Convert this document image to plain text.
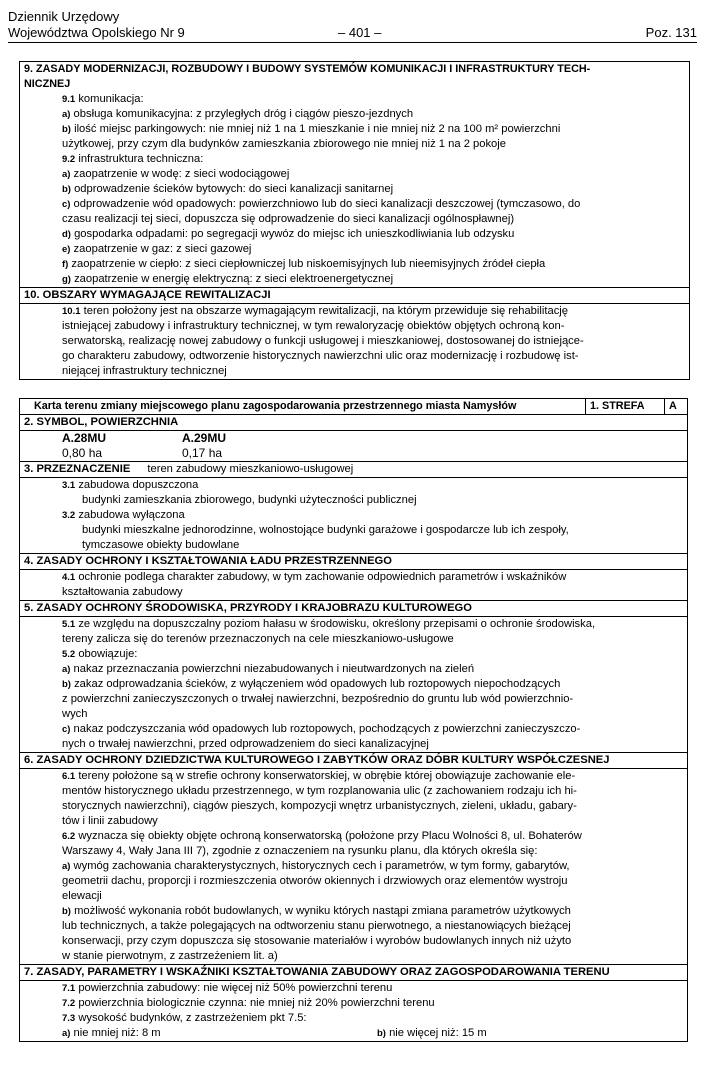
Dziennik Urzędowy
Województwa Opolskiego Nr 9	– 401 –	Poz. 131
9. ZASADY MODERNIZACJI, ROZBUDOWY I BUDOWY SYSTEMÓW KOMUNIKACJI I INFRASTRUKTURY TECH-
NICZNEJ
9.1 komunikacja:
a) obsługa komunikacyjna: z przyległych dróg i ciągów pieszo-jezdnych
b) ilość miejsc parkingowych: nie mniej niż 1 na 1 mieszkanie i nie mniej niż 2 na 100 m² powierzchni
użytkowej, przy czym dla budynków zamieszkania zbiorowego nie mniej niż 1 na 2 pokoje
9.2 infrastruktura techniczna:
a) zaopatrzenie w wodę: z sieci wodociągowej
b) odprowadzenie ścieków bytowych: do sieci kanalizacji sanitarnej
c) odprowadzenie wód opadowych: powierzchniowo lub do sieci kanalizacji deszczowej (tymczasowo, do
czasu realizacji tej sieci, dopuszcza się odprowadzenie do sieci kanalizacji ogólnospławnej)
d) gospodarka odpadami: po segregacji wywóz do miejsc ich unieszkodliwiania lub odzysku
e) zaopatrzenie w gaz: z sieci gazowej
f) zaopatrzenie w ciepło: z sieci ciepłowniczej lub niskoemisyjnych lub nieemisyjnych źródeł ciepła
g) zaopatrzenie w energię elektryczną: z sieci elektroenergetycznej
10. OBSZARY WYMAGAJĄCE REWITALIZACJI
10.1 teren położony jest na obszarze wymagającym rewitalizacji, na którym przewiduje się rehabilitację
istniejącej zabudowy i infrastruktury technicznej, w tym rewaloryzację obiektów objętych ochroną kon-
serwatorską, realizację nowej zabudowy o funkcji usługowej i mieszkaniowej, dostosowanej do istniejące-
go charakteru zabudowy, odtworzenie historycznych nawierzchni ulic oraz modernizację i rozbudowę ist-
niejącej infrastruktury technicznej
Karta terenu zmiany miejscowego planu zagospodarowania przestrzennego miasta Namysłów	1. STREFA	A
2. SYMBOL, POWIERZCHNIA
A.28MU	A.29MU
0,80 ha	0,17 ha
3. PRZEZNACZENIE teren zabudowy mieszkaniowo-usługowej
3.1 zabudowa dopuszczona
budynki zamieszkania zbiorowego, budynki użyteczności publicznej
3.2 zabudowa wyłączona
budynki mieszkalne jednorodzinne, wolnostojące budynki garażowe i gospodarcze lub ich zespoły,
tymczasowe obiekty budowlane
4. ZASADY OCHRONY I KSZTAŁTOWANIA ŁADU PRZESTRZENNEGO
4.1 ochronie podlega charakter zabudowy, w tym zachowanie odpowiednich parametrów i wskaźników
kształtowania zabudowy
5. ZASADY OCHRONY ŚRODOWISKA, PRZYRODY I KRAJOBRAZU KULTUROWEGO
5.1 ze względu na dopuszczalny poziom hałasu w środowisku, określony przepisami o ochronie środowiska,
tereny zalicza się do terenów przeznaczonych na cele mieszkaniowo-usługowe
5.2 obowiązuje:
a) nakaz przeznaczania powierzchni niezabudowanych i nieutwardzonych na zieleń
b) zakaz odprowadzania ścieków, z wyłączeniem wód opadowych lub roztopowych niepochodzących
z powierzchni zanieczyszczonych o trwałej nawierzchni, bezpośrednio do gruntu lub wód powierzchnio-
wych
c) nakaz podczyszczania wód opadowych lub roztopowych, pochodzących z powierzchni zanieczyszczo-
nych o trwałej nawierzchni, przed odprowadzeniem do sieci kanalizacyjnej
6. ZASADY OCHRONY DZIEDZICTWA KULTUROWEGO I ZABYTKÓW ORAZ DÓBR KULTURY WSPÓŁCZESNEJ
6.1 tereny położone są w strefie ochrony konserwatorskiej, w obrębie której obowiązuje zachowanie ele-
mentów historycznego układu przestrzennego, w tym rozplanowania ulic (z zachowaniem rodzaju ich hi-
storycznych nawierzchni), ciągów pieszych, kompozycji wnętrz urbanistycznych, zieleni, układu, gabary-
tów i linii zabudowy
6.2 wyznacza się obiekty objęte ochroną konserwatorską (położone przy Placu Wolności 8, ul. Bohaterów
Warszawy 4, Wały Jana III 7), zgodnie z oznaczeniem na rysunku planu, dla których określa się:
a) wymóg zachowania charakterystycznych, historycznych cech i parametrów, w tym formy, gabarytów,
geometrii dachu, proporcji i rozmieszczenia otworów okiennych i drzwiowych oraz elementów wystroju
elewacji
b) możliwość wykonania robót budowlanych, w wyniku których nastąpi zmiana parametrów użytkowych
lub technicznych, a także polegających na odtworzeniu stanu pierwotnego, a niestanowiących bieżącej
konserwacji, przy czym dopuszcza się stosowanie materiałów i wyrobów budowlanych innych niż użyto
w stanie pierwotnym, z zastrzeżeniem lit. a)
7. ZASADY, PARAMETRY I WSKAŹNIKI KSZTAŁTOWANIA ZABUDOWY ORAZ ZAGOSPODAROWANIA TERENU
7.1 powierzchnia zabudowy: nie więcej niż 50% powierzchni terenu
7.2 powierzchnia biologicznie czynna: nie mniej niż 20% powierzchni terenu
7.3 wysokość budynków, z zastrzeżeniem pkt 7.5:
a) nie mniej niż: 8 m	b) nie więcej niż: 15 m
